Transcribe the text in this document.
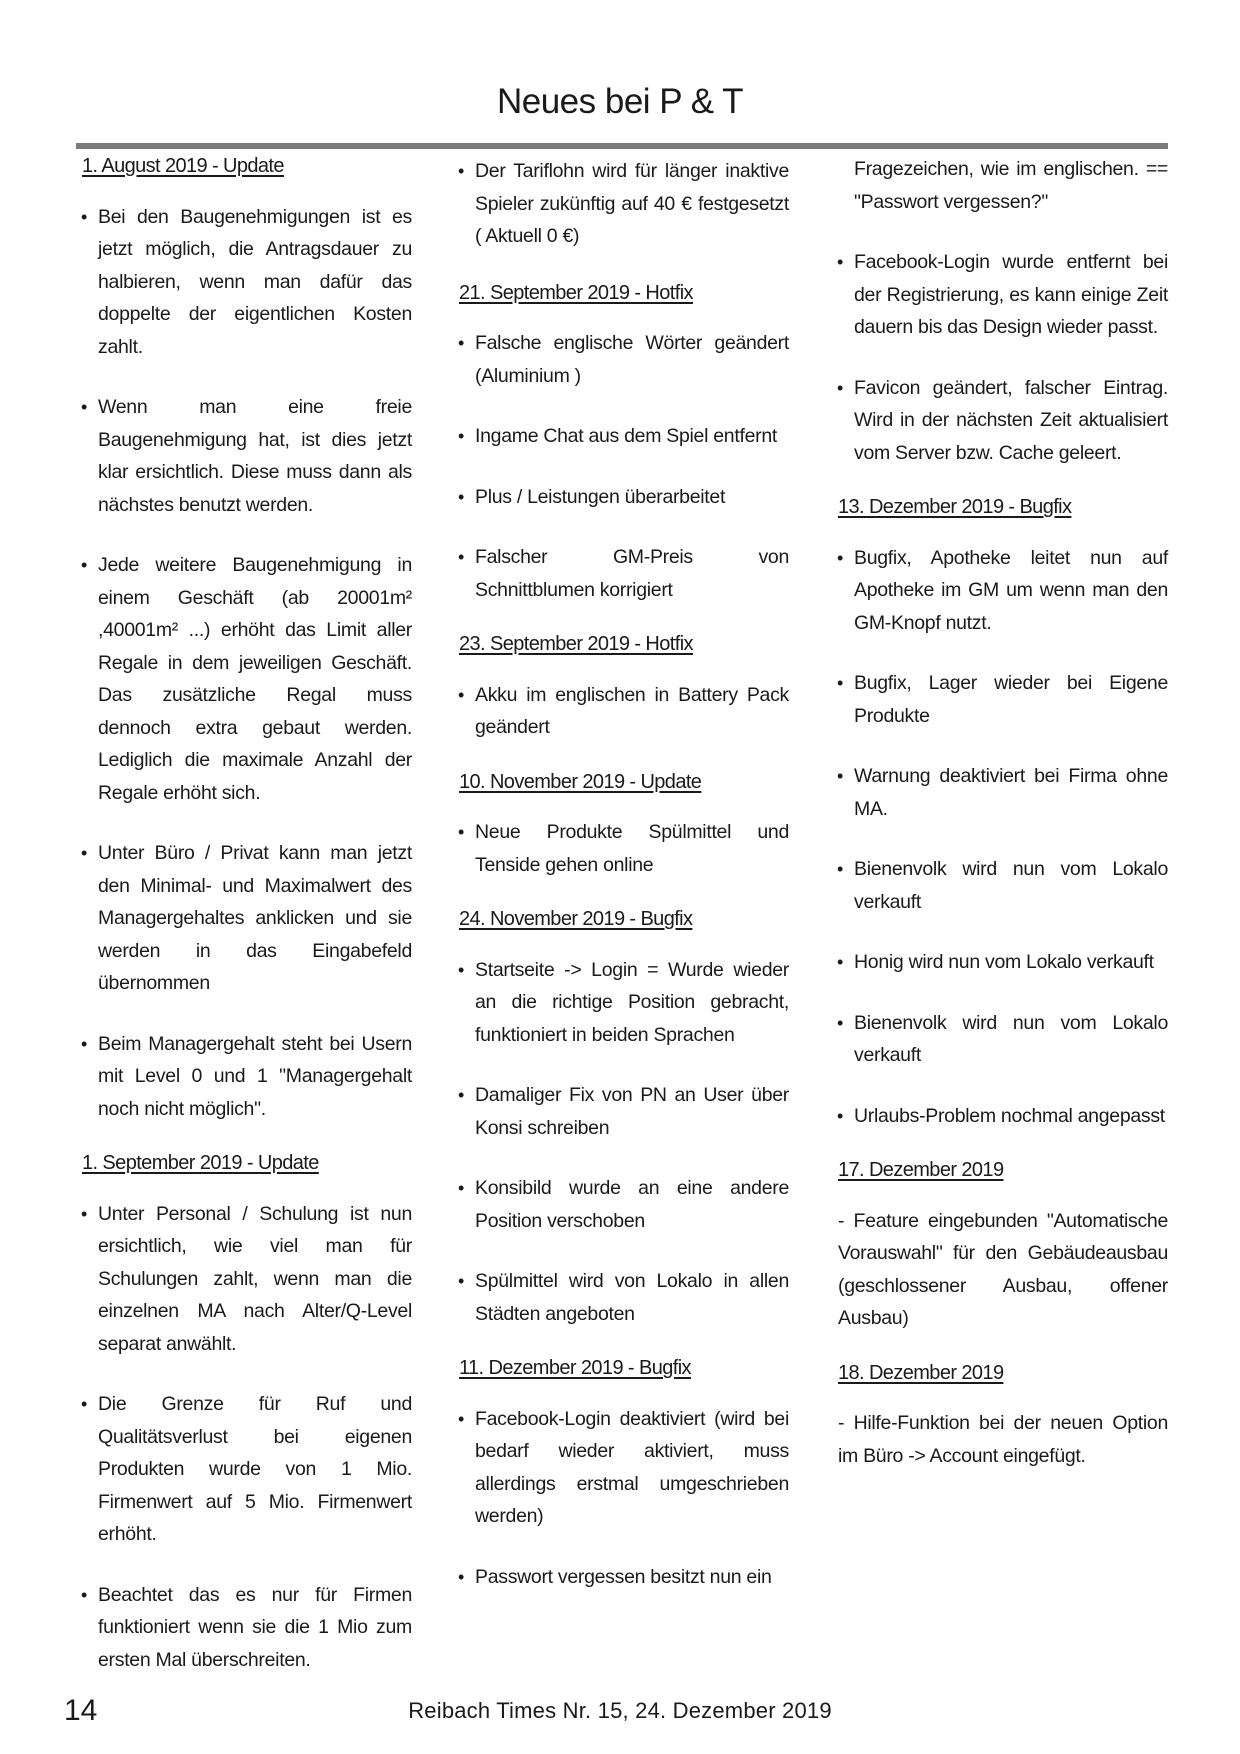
Neues bei P & T
1. August 2019 - Update
• Bei den Baugenehmigungen ist es jetzt möglich, die Antragsdauer zu halbieren, wenn man dafür das doppelte der eigentlichen Kosten zahlt.
• Wenn man eine freie Baugenehmigung hat, ist dies jetzt klar ersichtlich. Diese muss dann als nächstes benutzt werden.
• Jede weitere Baugenehmigung in einem Geschäft (ab 20001m² ,40001m² ...) erhöht das Limit aller Regale in dem jeweiligen Geschäft. Das zusätzliche Regal muss dennoch extra gebaut werden. Lediglich die maximale Anzahl der Regale erhöht sich.
• Unter Büro / Privat kann man jetzt den Minimal- und Maximalwert des Managergehaltes anklicken und sie werden in das Eingabefeld übernommen
• Beim Managergehalt steht bei Usern mit Level 0 und 1 "Managergehalt noch nicht möglich".
1. September 2019 - Update
• Unter Personal / Schulung ist nun ersichtlich, wie viel man für Schulungen zahlt, wenn man die einzelnen MA nach Alter/Q-Level separat anwählt.
• Die Grenze für Ruf und Qualitätsverlust bei eigenen Produkten wurde von 1 Mio. Firmenwert auf 5 Mio. Firmenwert erhöht.
• Beachtet das es nur für Firmen funktioniert wenn sie die 1 Mio zum ersten Mal überschreiten.
• Der Tariflohn wird für länger inaktive Spieler zukünftig auf 40 € festgesetzt ( Aktuell 0 €)
21. September 2019 - Hotfix
• Falsche englische Wörter geändert (Aluminium )
• Ingame Chat aus dem Spiel entfernt
• Plus / Leistungen überarbeitet
• Falscher GM-Preis von Schnittblumen korrigiert
23. September 2019 - Hotfix
• Akku im englischen in Battery Pack geändert
10. November 2019 - Update
• Neue Produkte Spülmittel und Tenside gehen online
24. November 2019 - Bugfix
• Startseite -> Login = Wurde wieder an die richtige Position gebracht, funktioniert in beiden Sprachen
• Damaliger Fix von PN an User über Konsi schreiben
• Konsibild wurde an eine andere Position verschoben
• Spülmittel wird von Lokalo in allen Städten angeboten
11. Dezember 2019 - Bugfix
• Facebook-Login deaktiviert (wird bei bedarf wieder aktiviert, muss allerdings erstmal umgeschrieben werden)
• Passwort vergessen besitzt nun ein
Fragezeichen, wie im englischen. == "Passwort vergessen?"
• Facebook-Login wurde entfernt bei der Registrierung, es kann einige Zeit dauern bis das Design wieder passt.
• Favicon geändert, falscher Eintrag. Wird in der nächsten Zeit aktualisiert vom Server bzw. Cache geleert.
13. Dezember 2019 - Bugfix
• Bugfix, Apotheke leitet nun auf Apotheke im GM um wenn man den GM-Knopf nutzt.
• Bugfix, Lager wieder bei Eigene Produkte
• Warnung deaktiviert bei Firma ohne MA.
• Bienenvolk wird nun vom Lokalo verkauft
• Honig wird nun vom Lokalo verkauft
• Bienenvolk wird nun vom Lokalo verkauft
• Urlaubs-Problem nochmal angepasst
17. Dezember 2019
- Feature eingebunden "Automatische Vorauswahl" für den Gebäudeausbau (geschlossener Ausbau, offener Ausbau)
18. Dezember 2019
- Hilfe-Funktion bei der neuen Option im Büro -> Account eingefügt.
14	Reibach Times Nr. 15, 24. Dezember 2019
